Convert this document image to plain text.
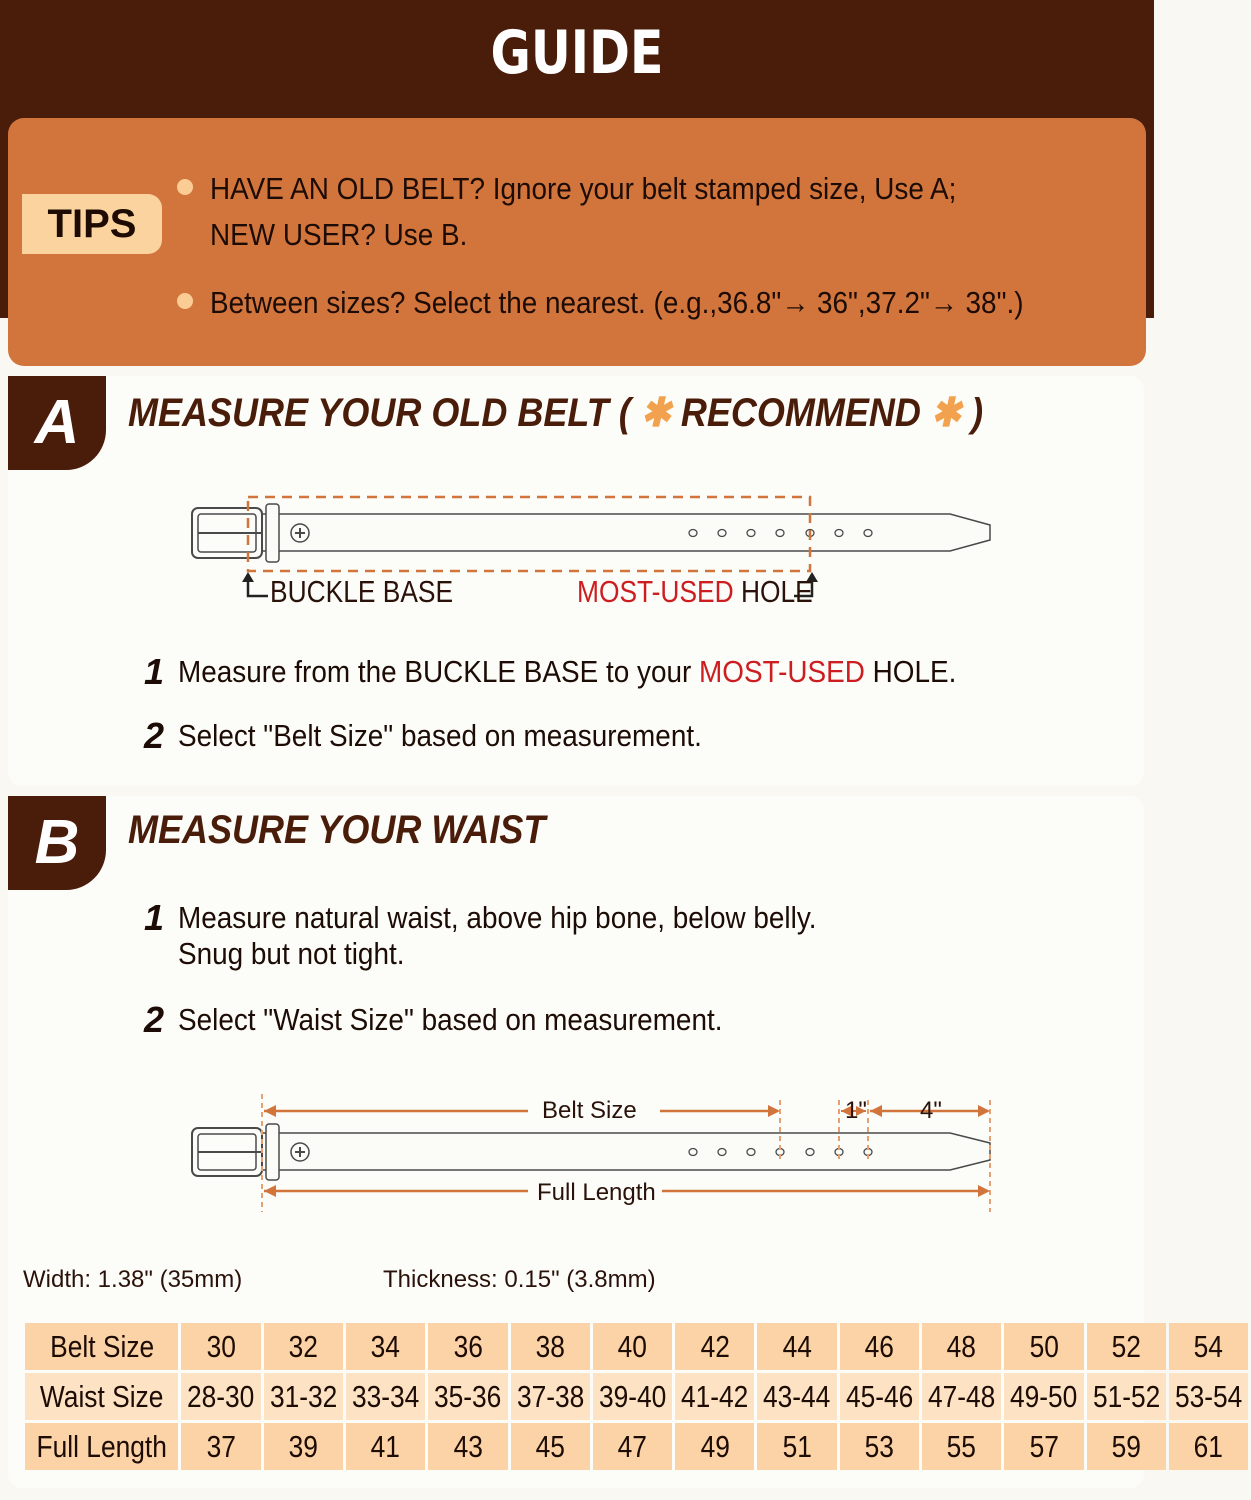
GUIDE
TIPS
HAVE AN OLD BELT? Ignore your belt stamped size, Use A;
NEW USER? Use B.
Between sizes? Select the nearest. (e.g.,36.8"→ 36",37.2"→ 38".)
A	MEASURE YOUR OLD BELT ( ✱ RECOMMEND ✱ )
BUCKLE BASE	MOST-USED HOLE
1 Measure from the BUCKLE BASE to your MOST-USED HOLE.
2 Select "Belt Size" based on measurement.
B	MEASURE YOUR WAIST
1 Measure natural waist, above hip bone, below belly.
Snug but not tight.
2 Select "Waist Size" based on measurement.
Belt Size	1" 4"
Full Length
Width: 1.38" (35mm)	Thickness: 0.15" (3.8mm)
Belt Size	30	32	34	36	38	40	42	44	46	48	50	52	54
Waist Size	28-30	31-32	33-34	35-36	37-38	39-40	41-42	43-44	45-46	47-48	49-50	51-52	53-54
Full Length	37	39	41	43	45	47	49	51	53	55	57	59	61
